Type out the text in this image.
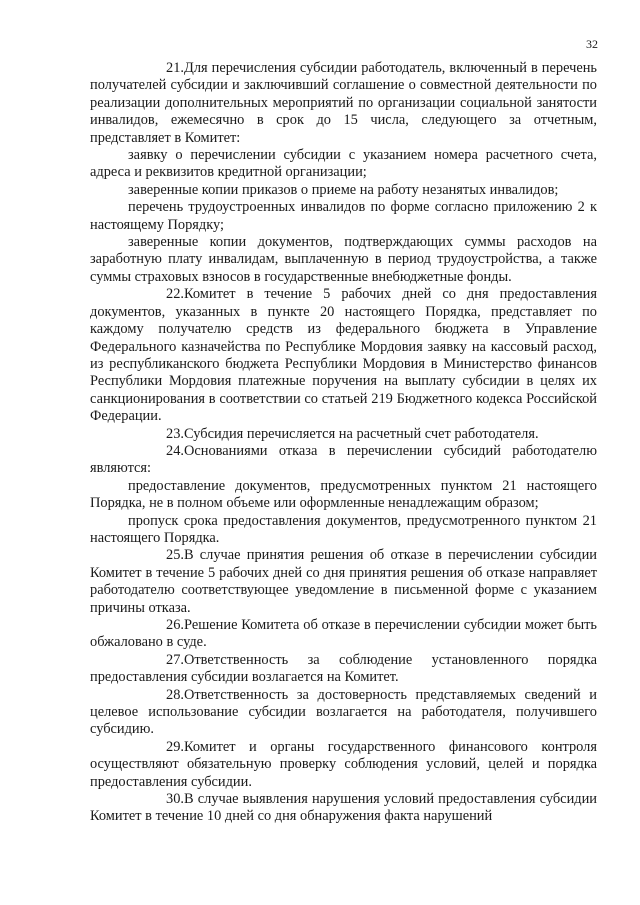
32

21.Для перечисления субсидии работодатель, включенный в перечень получателей субсидии и заключивший соглашение о совместной деятельности по реализации дополнительных мероприятий по организации социальной занятости инвалидов, ежемесячно в срок до 15 числа, следующего за отчетным, представляет в Комитет:

заявку о перечислении субсидии с указанием номера расчетного счета, адреса и реквизитов кредитной организации;

заверенные копии приказов о приеме на работу незанятых инвалидов;

перечень трудоустроенных инвалидов по форме согласно приложению 2 к настоящему Порядку;

заверенные копии документов, подтверждающих суммы расходов на заработную плату инвалидам, выплаченную в период трудоустройства, а также суммы страховых взносов в государственные внебюджетные фонды.

22.Комитет в течение 5 рабочих дней со дня предоставления документов, указанных в пункте 20 настоящего Порядка, представляет по каждому получателю средств из федерального бюджета в Управление Федерального казначейства по Республике Мордовия заявку на кассовый расход, из республиканского бюджета Республики Мордовия в Министерство финансов Республики Мордовия платежные поручения на выплату субсидии в целях их санкционирования в соответствии со статьей 219 Бюджетного кодекса Российской Федерации.

23.Субсидия перечисляется на расчетный счет работодателя.

24.Основаниями отказа в перечислении субсидий работодателю являются:

предоставление документов, предусмотренных пунктом 21 настоящего Порядка, не в полном объеме или оформленные ненадлежащим образом;

пропуск срока предоставления документов, предусмотренного пунктом 21 настоящего Порядка.

25.В случае принятия решения об отказе в перечислении субсидии Комитет в течение 5 рабочих дней со дня принятия решения об отказе направляет работодателю соответствующее уведомление в письменной форме с указанием причины отказа.

26.Решение Комитета об отказе в перечислении субсидии может быть обжаловано в суде.

27.Ответственность за соблюдение установленного порядка предоставления субсидии возлагается на Комитет.

28.Ответственность за достоверность представляемых сведений и целевое использование субсидии возлагается на работодателя, получившего субсидию.

29.Комитет и органы государственного финансового контроля осуществляют обязательную проверку соблюдения условий, целей и порядка предоставления субсидии.

30.В случае выявления нарушения условий предоставления субсидии Комитет в течение 10 дней со дня обнаружения факта нарушений
